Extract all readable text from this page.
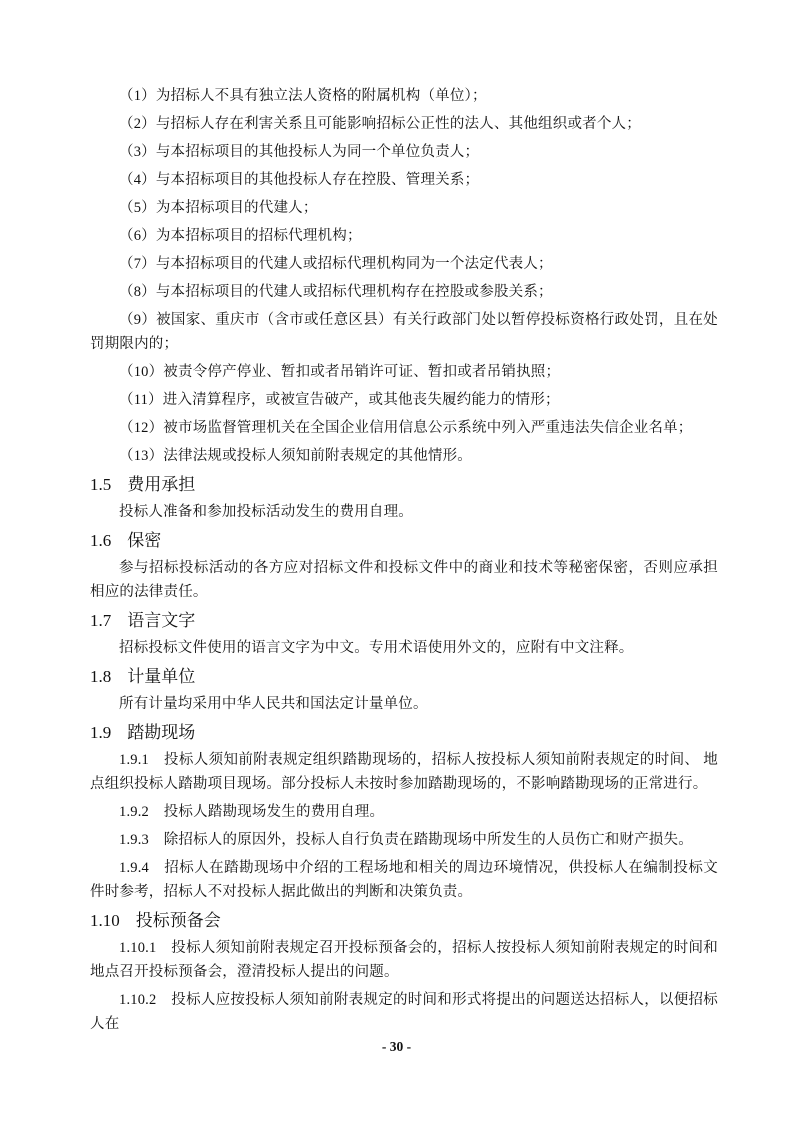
（1）为招标人不具有独立法人资格的附属机构（单位）；

（2）与招标人存在利害关系且可能影响招标公正性的法人、其他组织或者个人；

（3）与本招标项目的其他投标人为同一个单位负责人；

（4）与本招标项目的其他投标人存在控股、管理关系；

（5）为本招标项目的代建人；

（6）为本招标项目的招标代理机构；

（7）与本招标项目的代建人或招标代理机构同为一个法定代表人；

（8）与本招标项目的代建人或招标代理机构存在控股或参股关系；

（9）被国家、重庆市（含市或任意区县）有关行政部门处以暂停投标资格行政处罚，且在处罚期限内的；

（10）被责令停产停业、暂扣或者吊销许可证、暂扣或者吊销执照；

（11）进入清算程序，或被宣告破产，或其他丧失履约能力的情形；

（12）被市场监督管理机关在全国企业信用信息公示系统中列入严重违法失信企业名单；

（13）法律法规或投标人须知前附表规定的其他情形。

1.5 费用承担

投标人准备和参加投标活动发生的费用自理。

1.6 保密

参与招标投标活动的各方应对招标文件和投标文件中的商业和技术等秘密保密，否则应承担相应的法律责任。

1.7 语言文字

招标投标文件使用的语言文字为中文。专用术语使用外文的，应附有中文注释。

1.8 计量单位

所有计量均采用中华人民共和国法定计量单位。

1.9 踏勘现场

1.9.1　投标人须知前附表规定组织踏勘现场的，招标人按投标人须知前附表规定的时间、 地点组织投标人踏勘项目现场。部分投标人未按时参加踏勘现场的，不影响踏勘现场的正常进行。

1.9.2　投标人踏勘现场发生的费用自理。

1.9.3　除招标人的原因外，投标人自行负责在踏勘现场中所发生的人员伤亡和财产损失。

1.9.4　招标人在踏勘现场中介绍的工程场地和相关的周边环境情况，供投标人在编制投标文件时参考，招标人不对投标人据此做出的判断和决策负责。

1.10 投标预备会

1.10.1　投标人须知前附表规定召开投标预备会的，招标人按投标人须知前附表规定的时间和地点召开投标预备会，澄清投标人提出的问题。

1.10.2　投标人应按投标人须知前附表规定的时间和形式将提出的问题送达招标人，以便招标人在

- 30 -
